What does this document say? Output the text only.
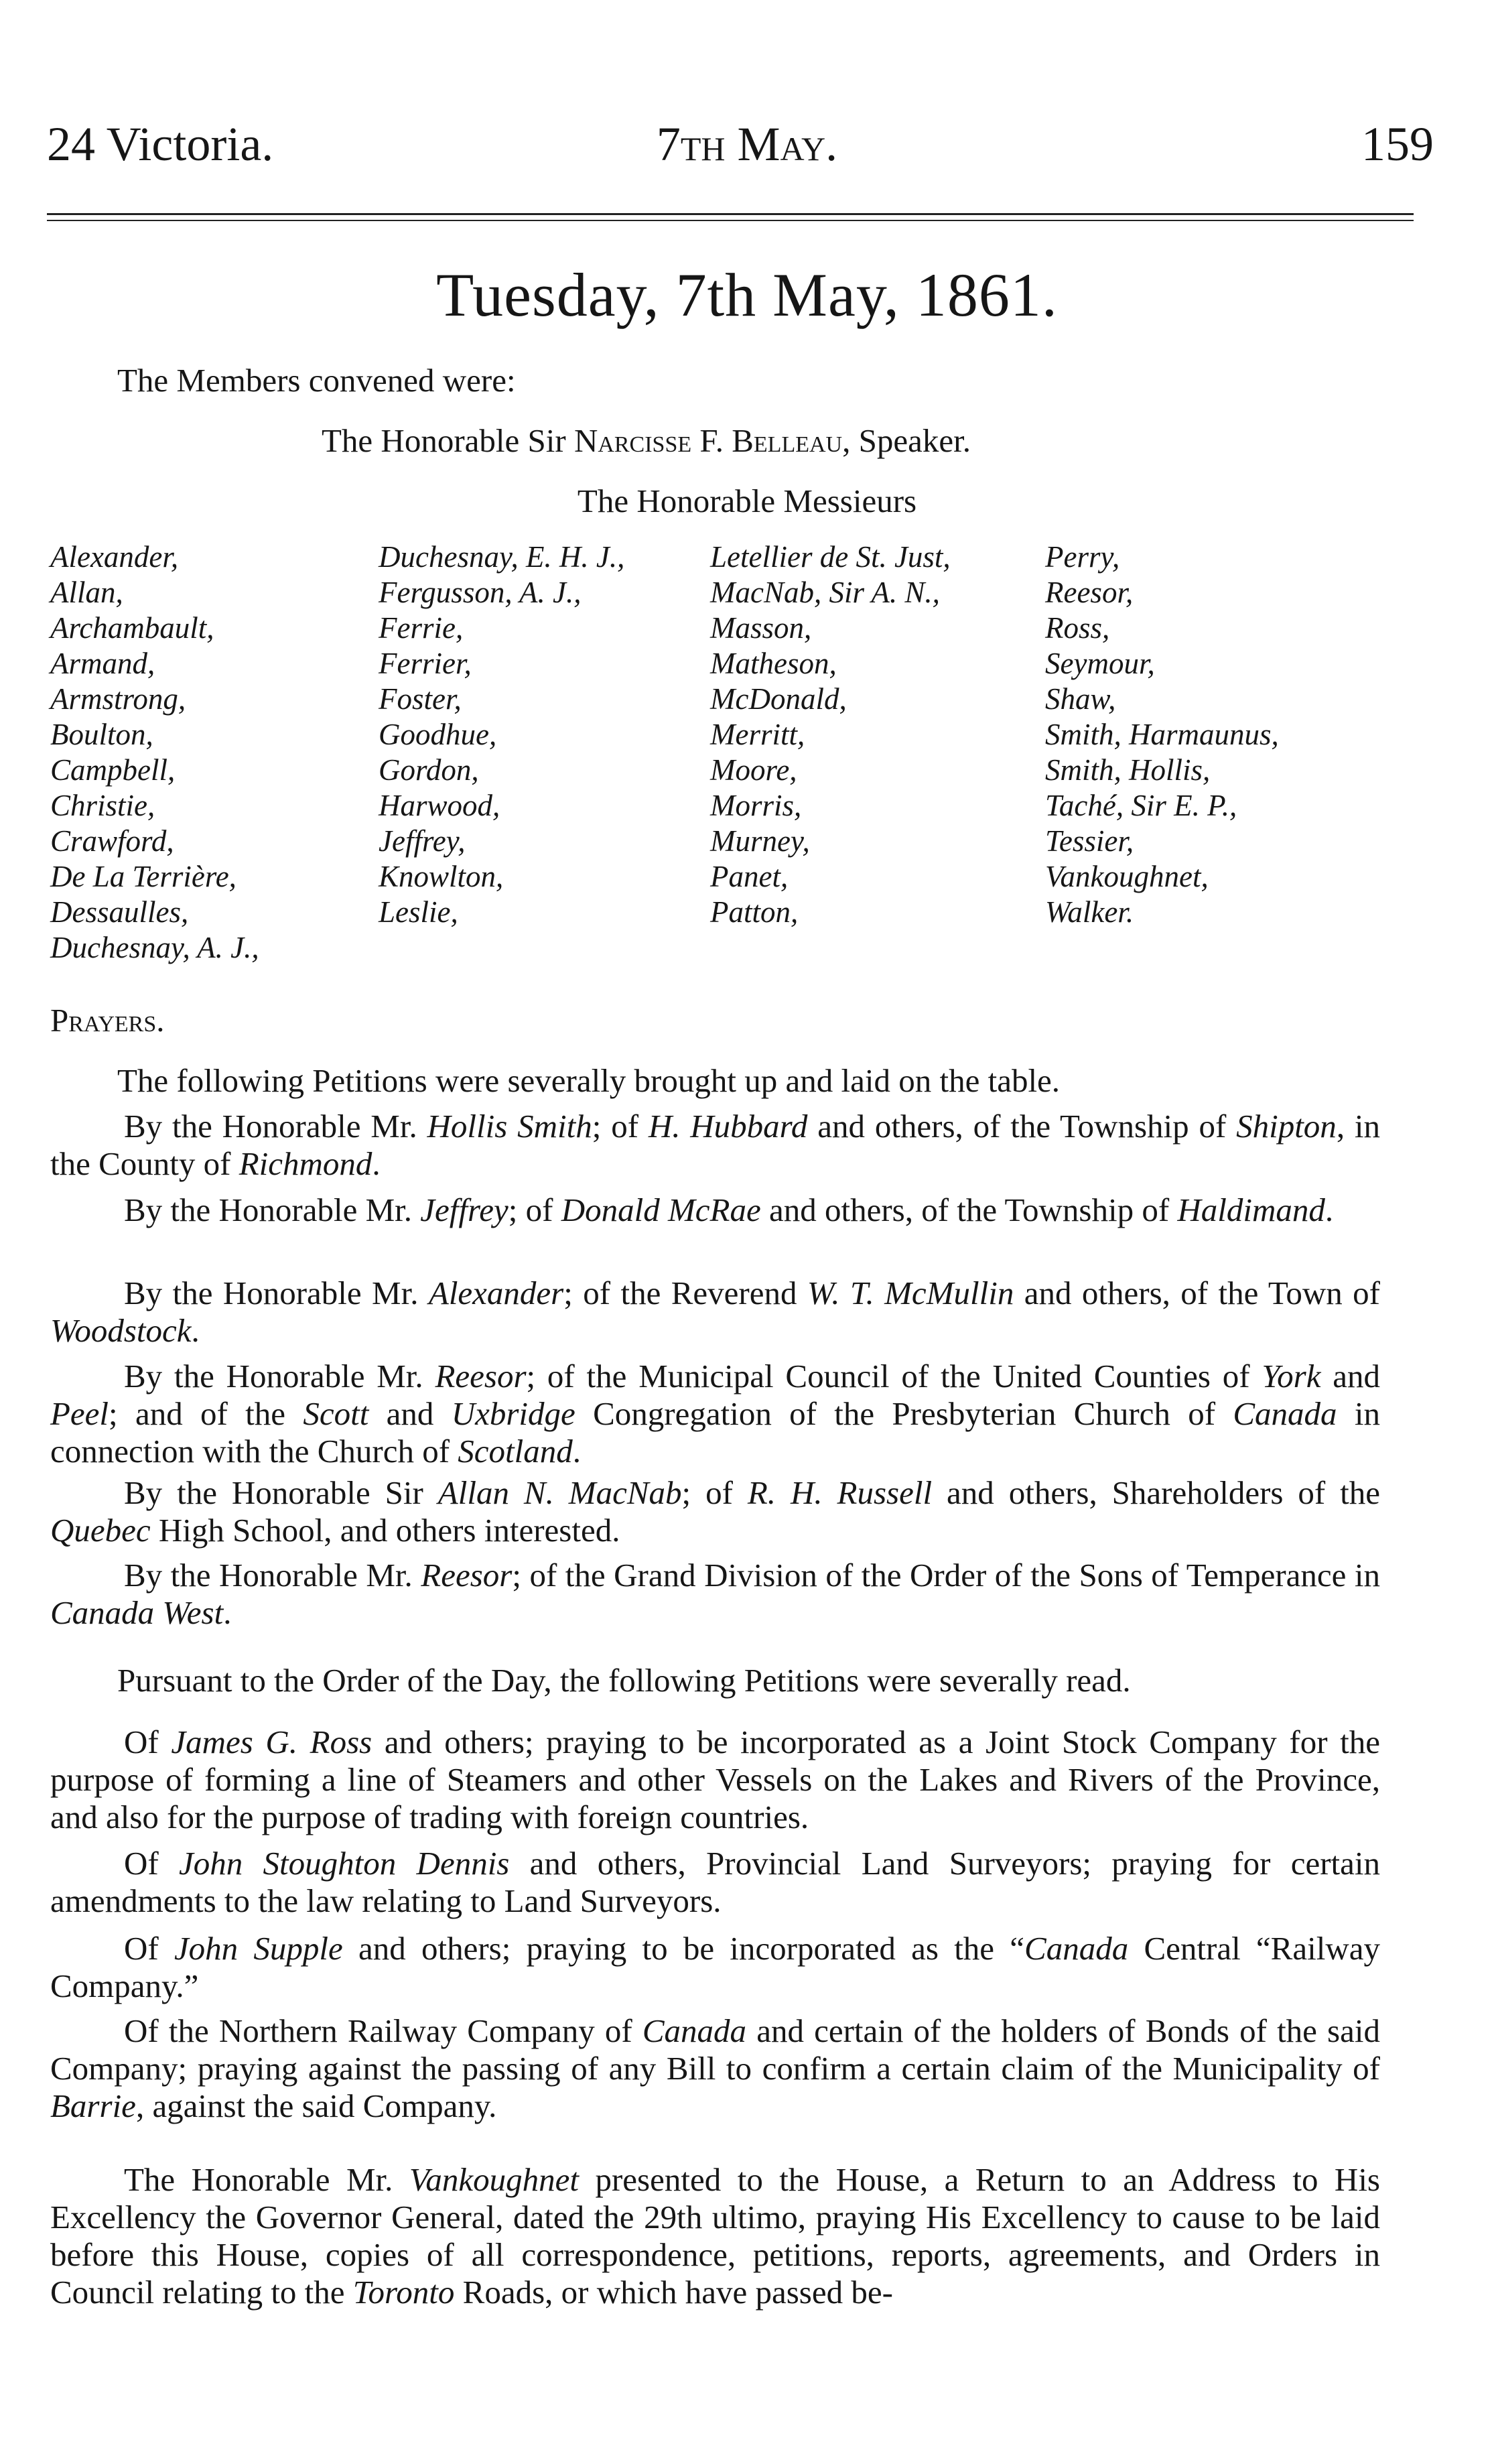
24 Victoria.	7th May.	159
Tuesday, 7th May, 1861.
The Members convened were:
The Honorable Sir Narcisse F. Belleau, Speaker.
The Honorable Messieurs
Alexander,
Allan,
Archambault,
Armand,
Armstrong,
Boulton,
Campbell,
Christie,
Crawford,
De La Terrière,
Dessaulles,
Duchesnay, A. J.,
Duchesnay, E. H. J.,
Fergusson, A. J.,
Ferrie,
Ferrier,
Foster,
Goodhue,
Gordon,
Harwood,
Jeffrey,
Knowlton,
Leslie,
Letellier de St. Just,
MacNab, Sir A. N.,
Masson,
Matheson,
McDonald,
Merritt,
Moore,
Morris,
Murney,
Panet,
Patton,
Perry,
Reesor,
Ross,
Seymour,
Shaw,
Smith, Harmaunus,
Smith, Hollis,
Taché, Sir E. P.,
Tessier,
Vankoughnet,
Walker.
Prayers.
The following Petitions were severally brought up and laid on the table.
By the Honorable Mr. Hollis Smith; of H. Hubbard and others, of the Township of Shipton, in the County of Richmond.
By the Honorable Mr. Jeffrey; of Donald McRae and others, of the Township of Haldimand.
By the Honorable Mr. Alexander; of the Reverend W. T. McMullin and others, of the Town of Woodstock.
By the Honorable Mr. Reesor; of the Municipal Council of the United Counties of York and Peel; and of the Scott and Uxbridge Congregation of the Presbyterian Church of Canada in connection with the Church of Scotland.
By the Honorable Sir Allan N. MacNab; of R. H. Russell and others, Shareholders of the Quebec High School, and others interested.
By the Honorable Mr. Reesor; of the Grand Division of the Order of the Sons of Temperance in Canada West.
Pursuant to the Order of the Day, the following Petitions were severally read.
Of James G. Ross and others; praying to be incorporated as a Joint Stock Company for the purpose of forming a line of Steamers and other Vessels on the Lakes and Rivers of the Province, and also for the purpose of trading with foreign countries.
Of John Stoughton Dennis and others, Provincial Land Surveyors; praying for certain amendments to the law relating to Land Surveyors.
Of John Supple and others; praying to be incorporated as the “Canada Central “Railway Company.”
Of the Northern Railway Company of Canada and certain of the holders of Bonds of the said Company; praying against the passing of any Bill to confirm a certain claim of the Municipality of Barrie, against the said Company.
The Honorable Mr. Vankoughnet presented to the House, a Return to an Address to His Excellency the Governor General, dated the 29th ultimo, praying His Excellency to cause to be laid before this House, copies of all correspondence, petitions, reports, agreements, and Orders in Council relating to the Toronto Roads, or which have passed be-
